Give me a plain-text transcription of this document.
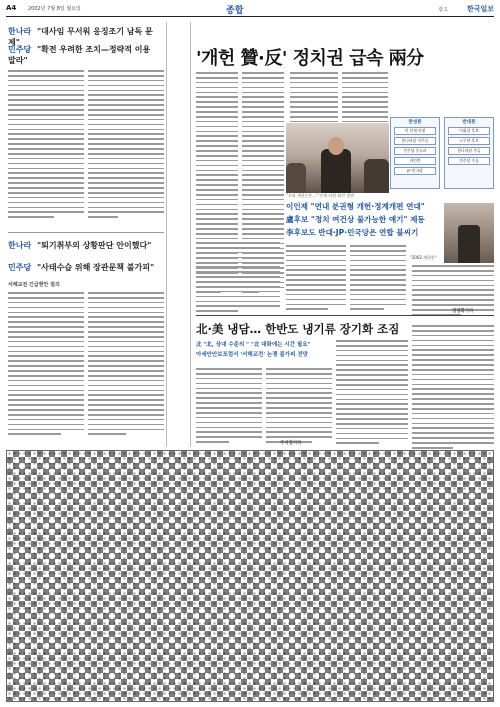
A4 2002년 7월 8일 월요일	종합	광고	한국일보
한나라 "대사임 무서워 응징조기 남독 문제"
민주당 "확전 우려한 조치—정략적 이용 말라"
한나라 "퇴기취부의 상황판단 안이했다"
민주당 "사태수습 위해 장관문책 불가피"
서해교전 긴급현안 질의
'개헌 贊·反' 정치권 급속 兩分
"우리 개헌론은..." 인제 의원 회견 장면
이인제 "연내 분권형 개헌·정계개편 연대"
盧후보 "정치 여건상 불가능한 얘기" 제동
李후보도 반대·JP·민국당은 연합 불씨기
정정화기자
찬성론
이 인제 의원
한나라당 비주류
민주당 중도파
자민련
JP·민국당
반대론
이회창 후보
노무현 후보
한나라당 주류
민주당 주류
"2002 개헌론"
北·美 냉담… 한반도 냉기류 장기화 조짐
北 "北, 상대 수준의 " "北 대화에는 시간 필요"
아세안안보포럼서 '서해교전' 논쟁 불가피 전망
주지정기자
